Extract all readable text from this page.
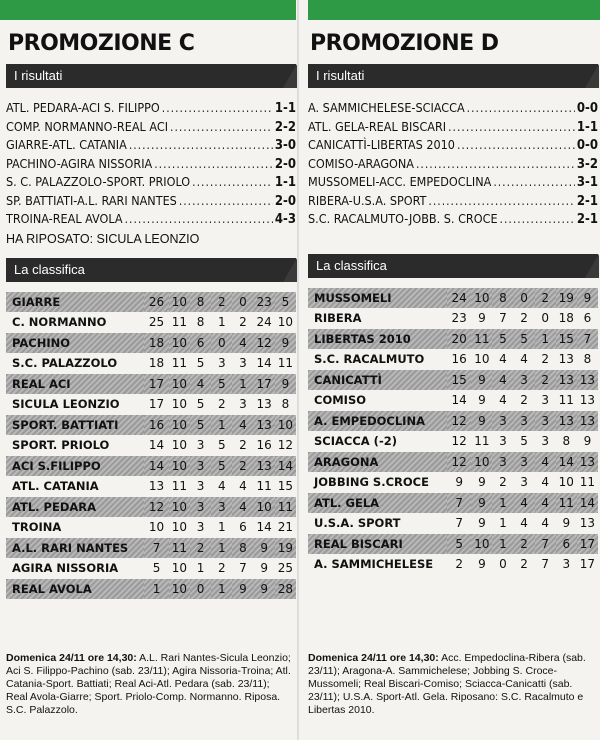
PROMOZIONE C
I risultati
ATL. PEDARA-ACI S. FILIPPO .....	1-1
COMP. NORMANNO-REAL ACI .....	2-2
GIARRE-ATL. CATANIA .....	3-0
PACHINO-AGIRA NISSORIA .....	2-0
S. C. PALAZZOLO-SPORT. PRIOLO .....	1-1
SP. BATTIATI-A.L. RARI NANTES .....	2-0
TROINA-REAL AVOLA .....	4-3
HA RIPOSATO: SICULA LEONZIO
La classifica
GIARRE	26	10	8	2	0	23	5
C. NORMANNO	25	11	8	1	2	24	10
PACHINO	18	10	6	0	4	12	9
S.C. PALAZZOLO	18	11	5	3	3	14	11
REAL ACI	17	10	4	5	1	17	9
SICULA LEONZIO	17	10	5	2	3	13	8
SPORT. BATTIATI	16	10	5	1	4	13	10
SPORT. PRIOLO	14	10	3	5	2	16	12
ACI S.FILIPPO	14	10	3	5	2	13	14
ATL. CATANIA	13	11	3	4	4	11	15
ATL. PEDARA	12	10	3	3	4	10	11
TROINA	10	10	3	1	6	14	21
A.L. RARI NANTES	7	11	2	1	8	9	19
AGIRA NISSORIA	5	10	1	2	7	9	25
REAL AVOLA	1	10	0	1	9	9	28
Domenica 24/11 ore 14,30: A.L. Rari Nantes-Sicula Leonzio; Aci S. Filippo-Pachino (sab. 23/11); Agira Nissoria-Troina; Atl. Catania-Sport. Battiati; Real Aci-Atl. Pedara (sab. 23/11); Real Avola-Giarre; Sport. Priolo-Comp. Normanno. Riposa. S.C. Palazzolo.
PROMOZIONE D
I risultati
A. SAMMICHELESE-SCIACCA .....	0-0
ATL. GELA-REAL BISCARI .....	1-1
CANICATTÌ-LIBERTAS 2010 .....	0-0
COMISO-ARAGONA .....	3-2
MUSSOMELI-ACC. EMPEDOCLINA .....	3-1
RIBERA-U.S.A. SPORT .....	2-1
S.C. RACALMUTO-JOBB. S. CROCE .....	2-1
La classifica
MUSSOMELI	24	10	8	0	2	19	9
RIBERA	23	9	7	2	0	18	6
LIBERTAS 2010	20	11	5	5	1	15	7
S.C. RACALMUTO	16	10	4	4	2	13	8
CANICATTÌ	15	9	4	3	2	13	13
COMISO	14	9	4	2	3	11	13
A. EMPEDOCLINA	12	9	3	3	3	13	13
SCIACCA (-2)	12	11	3	5	3	8	9
ARAGONA	12	10	3	3	4	14	13
JOBBING S.CROCE	9	9	2	3	4	10	11
ATL. GELA	7	9	1	4	4	11	14
U.S.A. SPORT	7	9	1	4	4	9	13
REAL BISCARI	5	10	1	2	7	6	17
A. SAMMICHELESE	2	9	0	2	7	3	17
Domenica 24/11 ore 14,30: Acc. Empedoclina-Ribera (sab. 23/11); Aragona-A. Sammichelese; Jobbing S. Croce-Mussomeli; Real Biscari-Comiso; Sciacca-Canicatti (sab. 23/11); U.S.A. Sport-Atl. Gela. Riposano: S.C. Racalmuto e Libertas 2010.
